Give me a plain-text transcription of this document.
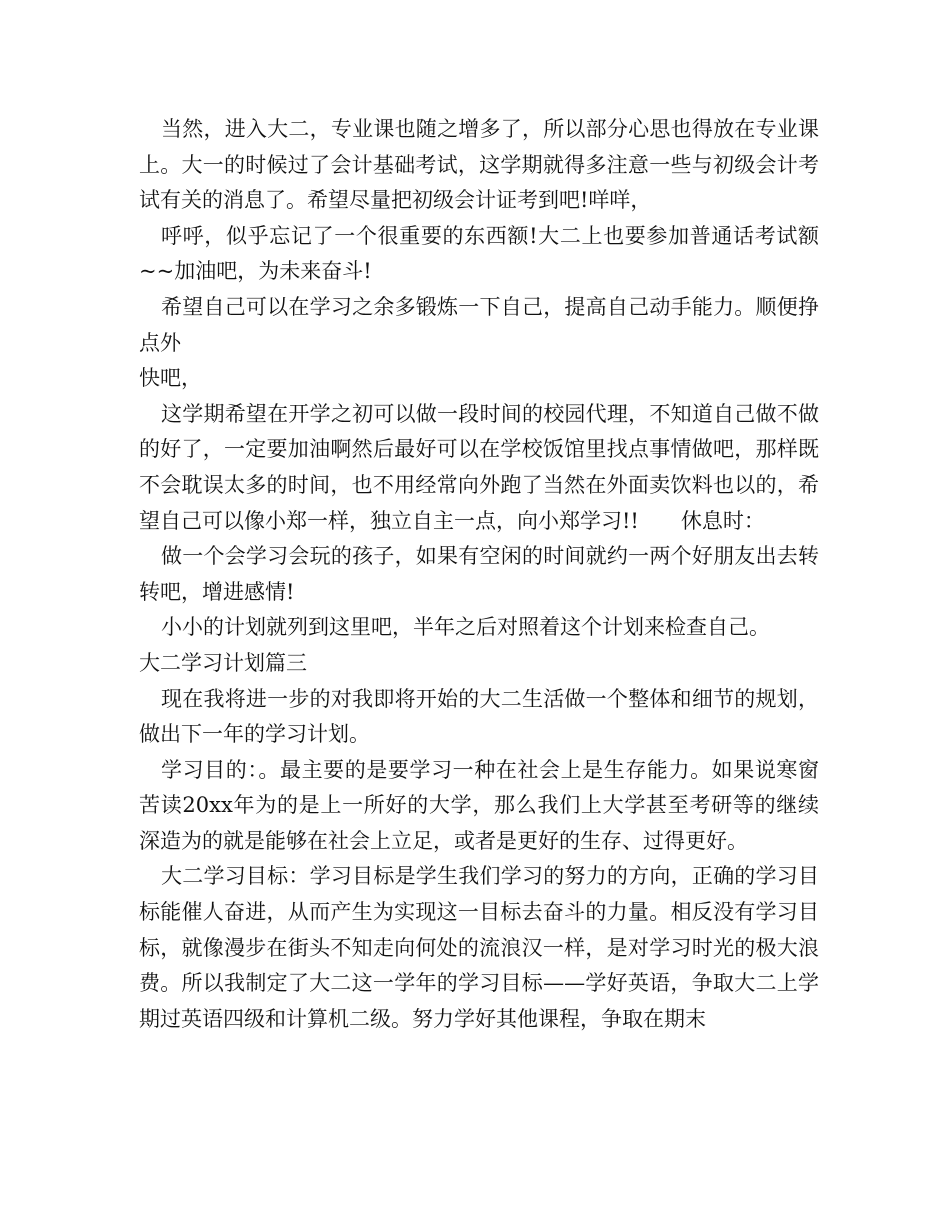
当然，进入大二，专业课也随之增多了，所以部分心思也得放在专业课上。大一的时候过了会计基础考试，这学期就得多注意一些与初级会计考试有关的消息了。希望尽量把初级会计证考到吧!咩咩，

呼呼，似乎忘记了一个很重要的东西额!大二上也要参加普通话考试额~~加油吧，为未来奋斗!

希望自己可以在学习之余多锻炼一下自己，提高自己动手能力。顺便挣点外

快吧，

这学期希望在开学之初可以做一段时间的校园代理，不知道自己做不做的好了，一定要加油啊然后最好可以在学校饭馆里找点事情做吧，那样既不会耽误太多的时间，也不用经常向外跑了当然在外面卖饮料也以的，希望自己可以像小郑一样，独立自主一点，向小郑学习!!　　休息时：

做一个会学习会玩的孩子，如果有空闲的时间就约一两个好朋友出去转转吧，增进感情!

小小的计划就列到这里吧，半年之后对照着这个计划来检查自己。

大二学习计划篇三

现在我将进一步的对我即将开始的大二生活做一个整体和细节的规划，做出下一年的学习计划。

学习目的：。最主要的是要学习一种在社会上是生存能力。如果说寒窗苦读20xx年为的是上一所好的大学，那么我们上大学甚至考研等的继续深造为的就是能够在社会上立足，或者是更好的生存、过得更好。

大二学习目标：学习目标是学生我们学习的努力的方向，正确的学习目标能催人奋进，从而产生为实现这一目标去奋斗的力量。相反没有学习目标，就像漫步在街头不知走向何处的流浪汉一样，是对学习时光的极大浪费。所以我制定了大二这一学年的学习目标——学好英语，争取大二上学期过英语四级和计算机二级。努力学好其他课程，争取在期末
